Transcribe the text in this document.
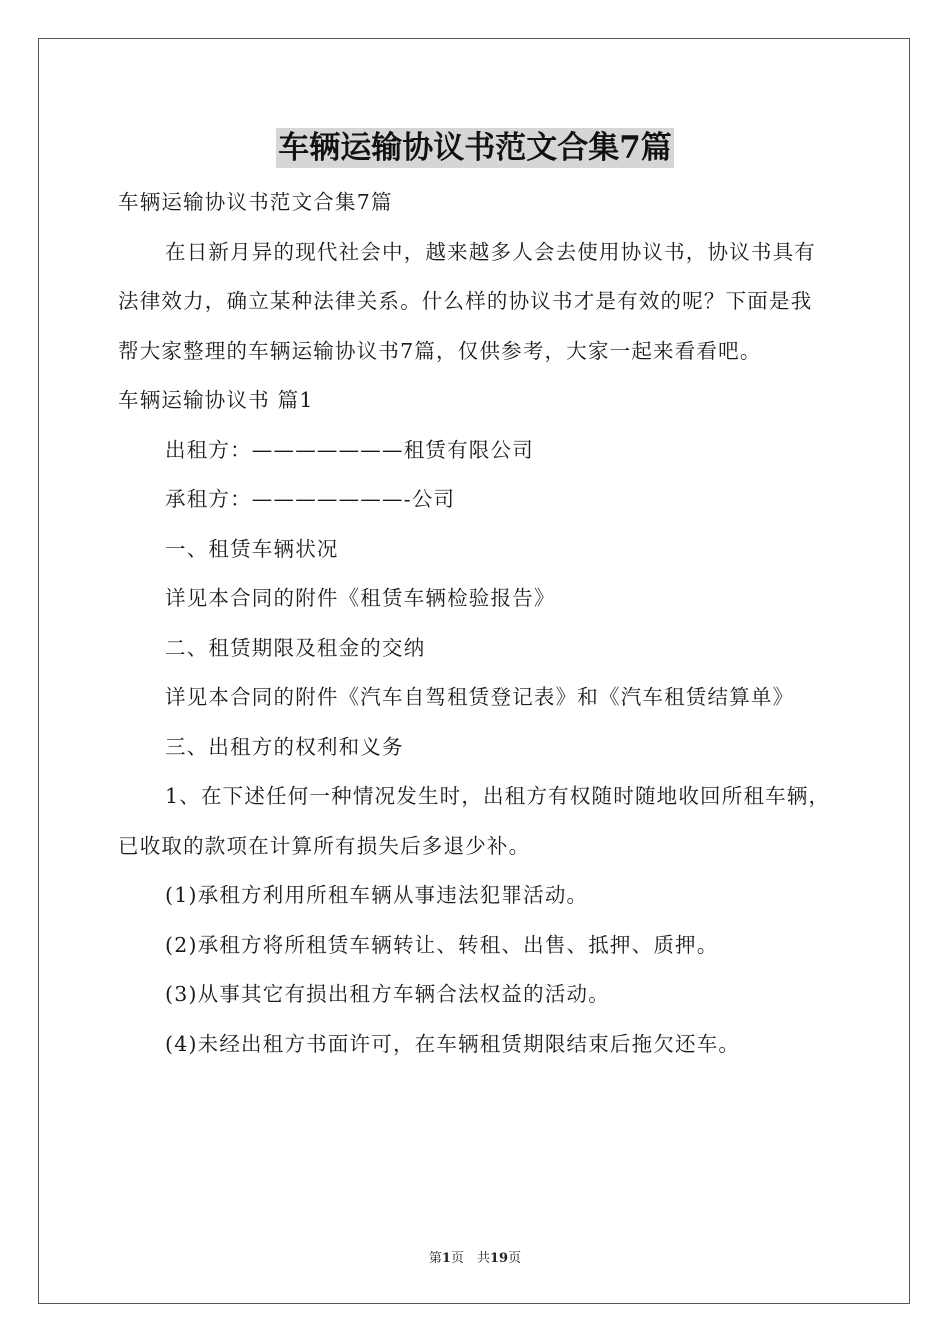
车辆运输协议书范文合集7篇

车辆运输协议书范文合集7篇

在日新月异的现代社会中，越来越多人会去使用协议书，协议书具有法律效力，确立某种法律关系。什么样的协议书才是有效的呢？下面是我帮大家整理的车辆运输协议书7篇，仅供参考，大家一起来看看吧。

车辆运输协议书 篇1

出租方：———————租赁有限公司

承租方：———————-公司

一、租赁车辆状况

详见本合同的附件《租赁车辆检验报告》

二、租赁期限及租金的交纳

详见本合同的附件《汽车自驾租赁登记表》和《汽车租赁结算单》

三、出租方的权利和义务

1、在下述任何一种情况发生时，出租方有权随时随地收回所租车辆，已收取的款项在计算所有损失后多退少补。

(1)承租方利用所租车辆从事违法犯罪活动。

(2)承租方将所租赁车辆转让、转租、出售、抵押、质押。

(3)从事其它有损出租方车辆合法权益的活动。

(4)未经出租方书面许可，在车辆租赁期限结束后拖欠还车。

第1页　共19页
